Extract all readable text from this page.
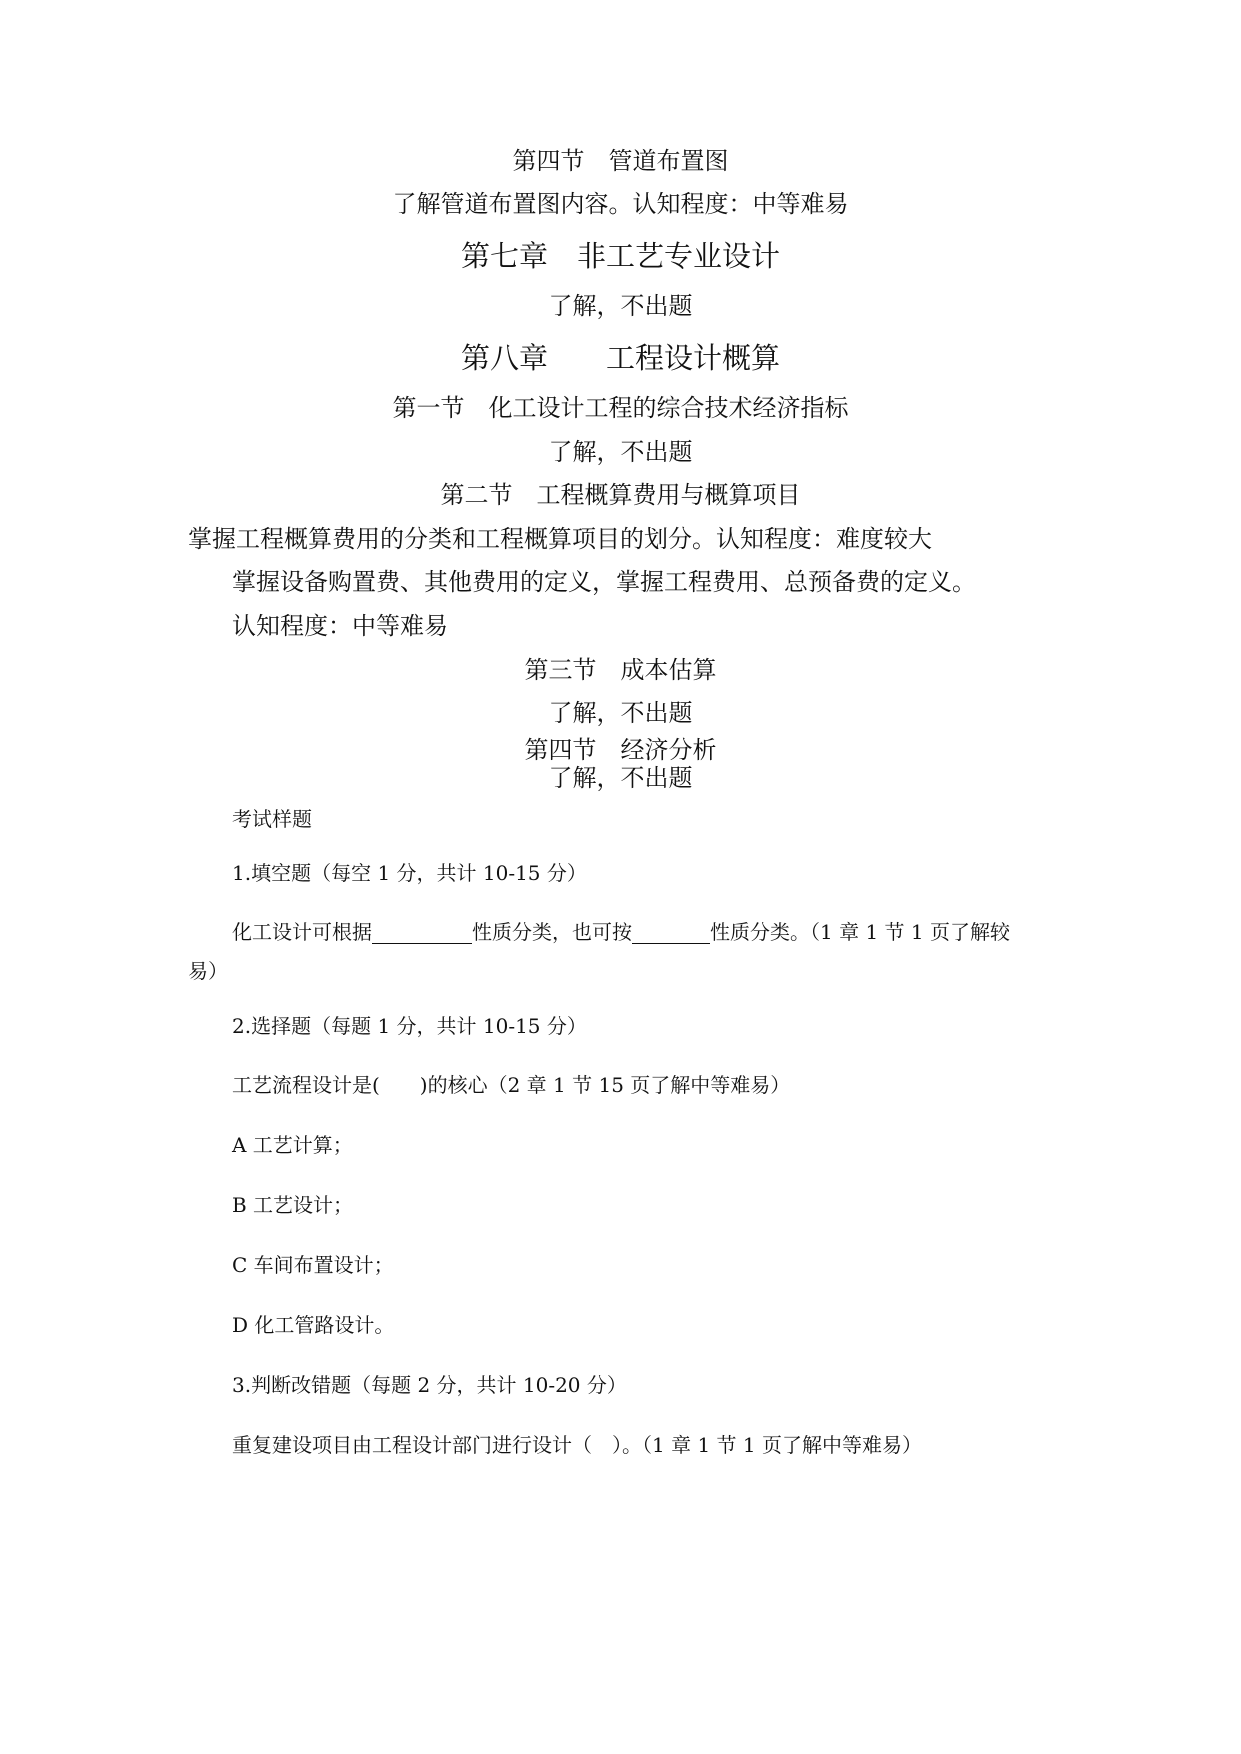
第四节　管道布置图
了解管道布置图内容。认知程度：中等难易
第七章　非工艺专业设计
了解，不出题
第八章　　工程设计概算
第一节　化工设计工程的综合技术经济指标
了解，不出题
第二节　工程概算费用与概算项目
掌握工程概算费用的分类和工程概算项目的划分。认知程度：难度较大
掌握设备购置费、其他费用的定义，掌握工程费用、总预备费的定义。
认知程度：中等难易
第三节　成本估算
了解，不出题
第四节　经济分析
了解，不出题
考试样题
1.填空题（每空 1 分，共计 10-15 分）
化工设计可根据	性质分类，也可按	性质分类。（1 章 1 节 1 页了解较
易）
2.选择题（每题 1 分，共计 10-15 分）
工艺流程设计是(　　)的核心（2 章 1 节 15 页了解中等难易）
A 工艺计算；
B 工艺设计；
C 车间布置设计；
D 化工管路设计。
3.判断改错题（每题 2 分，共计 10-20 分）
重复建设项目由工程设计部门进行设计（　）。（1 章 1 节 1 页了解中等难易）
